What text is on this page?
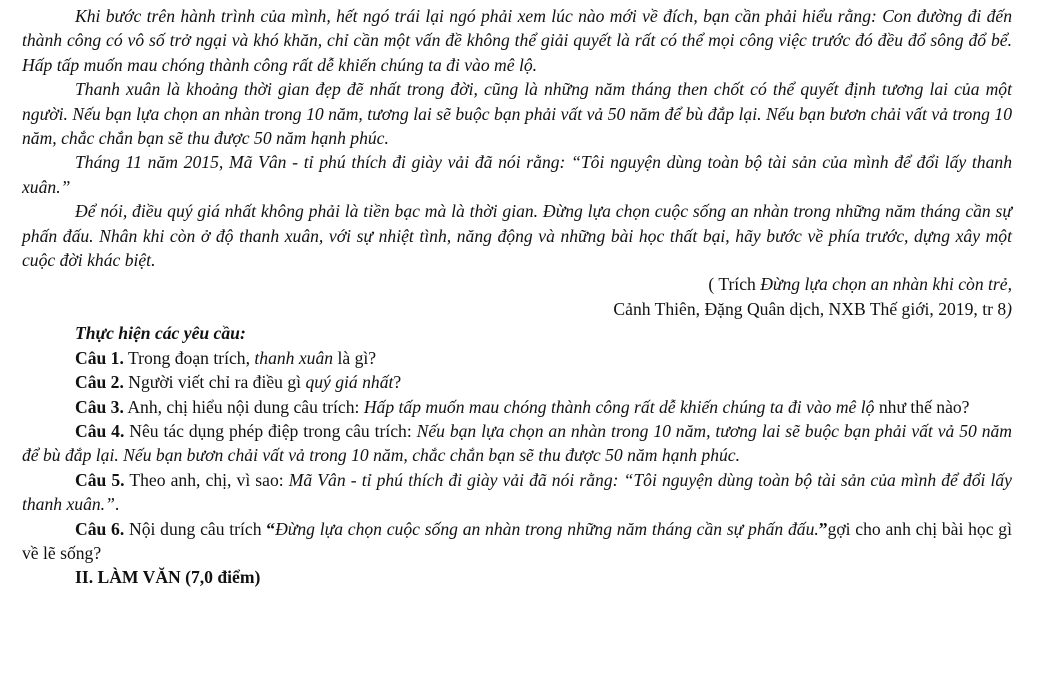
Khi bước trên hành trình của mình, hết ngó trái lại ngó phải xem lúc nào mới về đích, bạn cần phải hiểu rằng: Con đường đi đến thành công có vô số trở ngại và khó khăn, chỉ cần một vấn đề không thể giải quyết là rất có thể mọi công việc trước đó đều đổ sông đổ bể. Hấp tấp muốn mau chóng thành công rất dễ khiến chúng ta đi vào mê lộ.

Thanh xuân là khoảng thời gian đẹp đẽ nhất trong đời, cũng là những năm tháng then chốt có thể quyết định tương lai của một người. Nếu bạn lựa chọn an nhàn trong 10 năm, tương lai sẽ buộc bạn phải vất vả 50 năm để bù đắp lại. Nếu bạn bươn chải vất vả trong 10 năm, chắc chắn bạn sẽ thu được 50 năm hạnh phúc.

Tháng 11 năm 2015, Mã Vân - tỉ phú thích đi giày vải đã nói rằng: “Tôi nguyện dùng toàn bộ tài sản của mình để đổi lấy thanh xuân.”

Để nói, điều quý giá nhất không phải là tiền bạc mà là thời gian. Đừng lựa chọn cuộc sống an nhàn trong những năm tháng cần sự phấn đấu. Nhân khi còn ở độ thanh xuân, với sự nhiệt tình, năng động và những bài học thất bại, hãy bước về phía trước, dựng xây một cuộc đời khác biệt.

( Trích Đừng lựa chọn an nhàn khi còn trẻ,

Cảnh Thiên, Đặng Quân dịch, NXB Thế giới, 2019, tr 8)

Thực hiện các yêu cầu:

Câu 1. Trong đoạn trích, thanh xuân là gì?

Câu 2. Người viết chỉ ra điều gì quý giá nhất?

Câu 3. Anh, chị hiểu nội dung câu trích: Hấp tấp muốn mau chóng thành công rất dễ khiến chúng ta đi vào mê lộ như thế nào?

Câu 4. Nêu tác dụng phép điệp trong câu trích: Nếu bạn lựa chọn an nhàn trong 10 năm, tương lai sẽ buộc bạn phải vất vả 50 năm để bù đắp lại. Nếu bạn bươn chải vất vả trong 10 năm, chắc chắn bạn sẽ thu được 50 năm hạnh phúc.

Câu 5. Theo anh, chị, vì sao: Mã Vân - tỉ phú thích đi giày vải đã nói rằng: “Tôi nguyện dùng toàn bộ tài sản của mình để đổi lấy thanh xuân.”.

Câu 6. Nội dung câu trích “Đừng lựa chọn cuộc sống an nhàn trong những năm tháng cần sự phấn đấu.”gợi cho anh chị bài học gì về lẽ sống?

II. LÀM VĂN (7,0 điểm)
